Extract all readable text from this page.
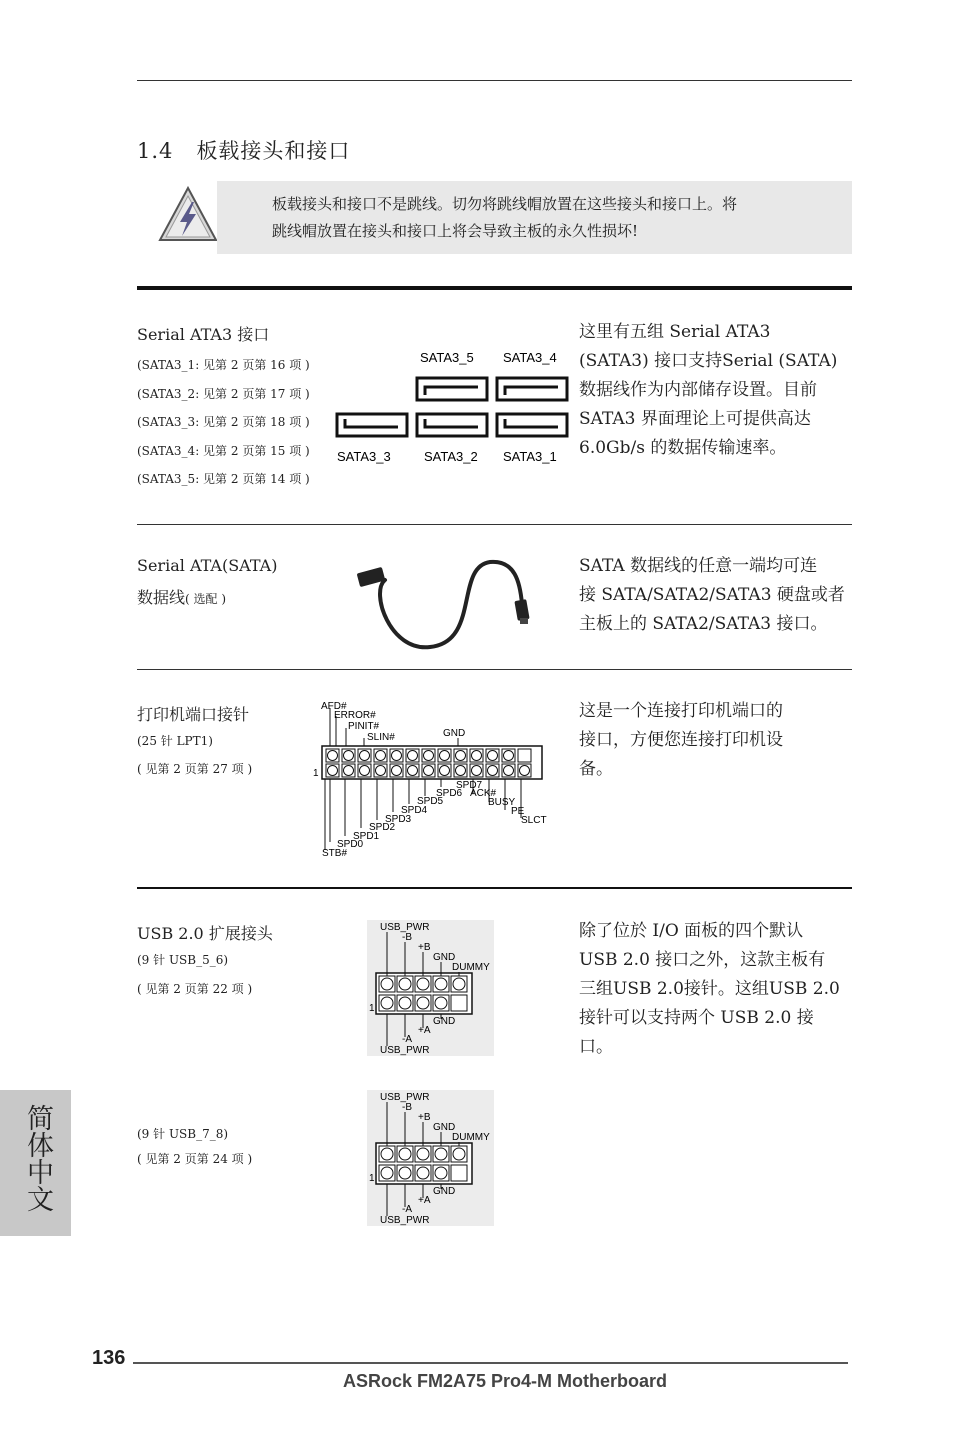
1.4 板载接头和接口
板载接头和接口不是跳线。切勿将跳线帽放置在这些接头和接口上。将
跳线帽放置在接头和接口上将会导致主板的永久性损坏!
Serial ATA3 接口
(SATA3_1: 见第 2 页第 16 项 )
(SATA3_2: 见第 2 页第 17 项 )
(SATA3_3: 见第 2 页第 18 项 )
(SATA3_4: 见第 2 页第 15 项 )
(SATA3_5: 见第 2 页第 14 项 )
SATA3_5 SATA3_4
SATA3_3	SATA3_2 SATA3_1
这里有五组 Serial ATA3
(SATA3) 接口支持Serial (SATA)
数据线作为内部储存设置。目前
SATA3 界面理论上可提供高达
6.0Gb/s 的数据传输速率。
Serial ATA(SATA)
数据线( 选配 )
SATA 数据线的任意一端均可连
接 SATA/SATA2/SATA3 硬盘或者
主板上的 SATA2/SATA3 接口。
打印机端口接针
(25 针 LPT1)
( 见第 2 页第 27 项 )
AFD#
ERROR#
PINIT#
SLIN#	GND
1
SPD7
SPD6 ACK#
SPD5	BUSY
SPD4	PE
SPD3	SLCT
SPD2
SPD1
SPD0
STB#
这是一个连接打印机端口的
接口，方便您连接打印机设
备。
USB 2.0 扩展接头
(9 针 USB_5_6)
( 见第 2 页第 22 项 )
USB_PWR
-B
+B
GND
DUMMY
GND
+A
-A
USB_PWR
1
除了位於 I/O 面板的四个默认
USB 2.0 接口之外，这款主板有
三组USB 2.0接针。这组USB 2.0
接针可以支持两个 USB 2.0 接
口。
(9 针 USB_7_8)
( 见第 2 页第 24 项 )
USB_PWR
-B
+B
GND
DUMMY
GND
+A
-A
USB_PWR
1
简体中文
136
ASRock FM2A75 Pro4-M Motherboard
